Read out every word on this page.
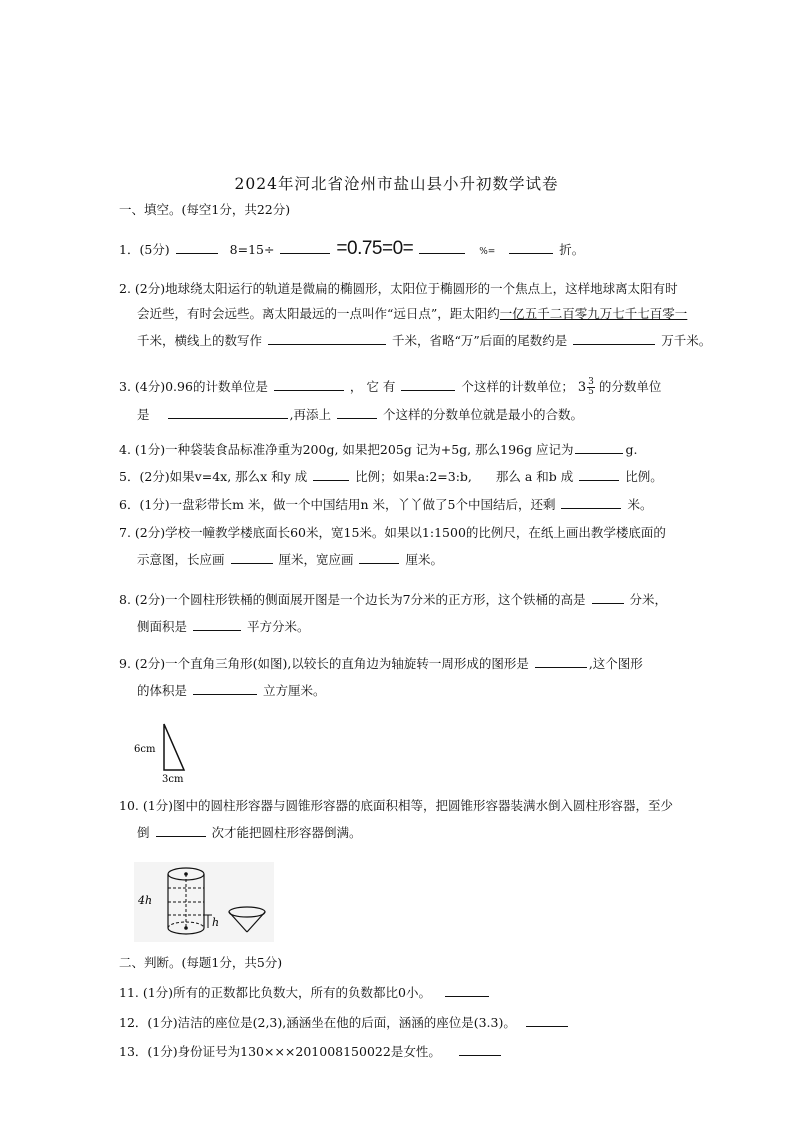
2024年河北省沧州市盐山县小升初数学试卷
一、填空。(每空1分，共22分)
1．(5分)	8=15÷	=0.75=0=	%=	折。
2. (2分)地球绕太阳运行的轨道是微扁的椭圆形，太阳位于椭圆形的一个焦点上，这样地球离太阳有时
会近些，有时会远些。离太阳最远的一点叫作“远日点”，距太阳约一亿五千二百零九万七千七百零一
千米，横线上的数写作	千米，省略“万”后面的尾数约是	万千米。
3. (4分)0.96的计数单位是	， 它 有	个这样的计数单位； $3 \frac{3}{5}$ 的分数单位
是	,再添上	个这样的分数单位就是最小的合数。
4. (1分)一种袋装食品标准净重为200g, 如果把205g 记为+5g, 那么196g 应记为	g.
5．(2分)如果v=4x, 那么x 和y 成	比例；如果a:2=3:b, 那么 a 和b 成	比例。
6．(1分)一盘彩带长m 米，做一个中国结用n 米，丫丫做了5个中国结后，还剩	米。
7. (2分)学校一幢教学楼底面长60米，宽15米。如果以1:1500的比例尺，在纸上画出教学楼底面的
示意图，长应画	厘米，宽应画	厘米。
8. (2分)一个圆柱形铁桶的侧面展开图是一个边长为7分米的正方形，这个铁桶的高是	分米，
侧面积是	平方分米。
9. (2分)一个直角三角形(如图),以较长的直角边为轴旋转一周形成的图形是	,这个图形
的体积是	立方厘米。
6cm
3cm
10. (1分)图中的圆柱形容器与圆锥形容器的底面积相等，把圆锥形容器装满水倒入圆柱形容器，至少
倒	次才能把圆柱形容器倒满。
4h
h
二、判断。(每题1分，共5分)
11. (1分)所有的正数都比负数大，所有的负数都比0小。
12．(1分)洁洁的座位是(2,3),涵涵坐在他的后面，涵涵的座位是(3.3)。
13．(1分)身份证号为130×××201008150022是女性。
